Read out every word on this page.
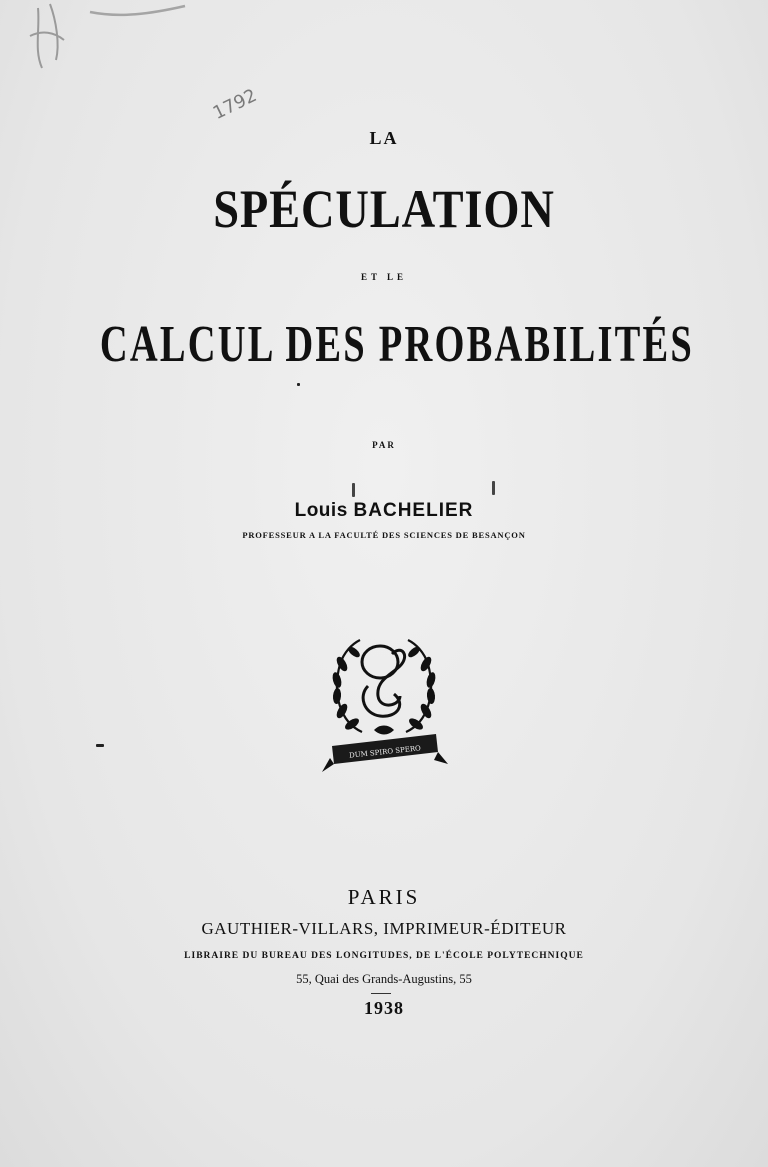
1792
LA
SPÉCULATION
ET LE
CALCUL DES PROBABILITÉS
PAR
Louis BACHELIER
PROFESSEUR A LA FACULTÉ DES SCIENCES DE BESANÇON
DUM SPIRO SPERO
PARIS
GAUTHIER-VILLARS, IMPRIMEUR-ÉDITEUR
LIBRAIRE DU BUREAU DES LONGITUDES, DE L'ÉCOLE POLYTECHNIQUE
55, Quai des Grands-Augustins, 55
1938
